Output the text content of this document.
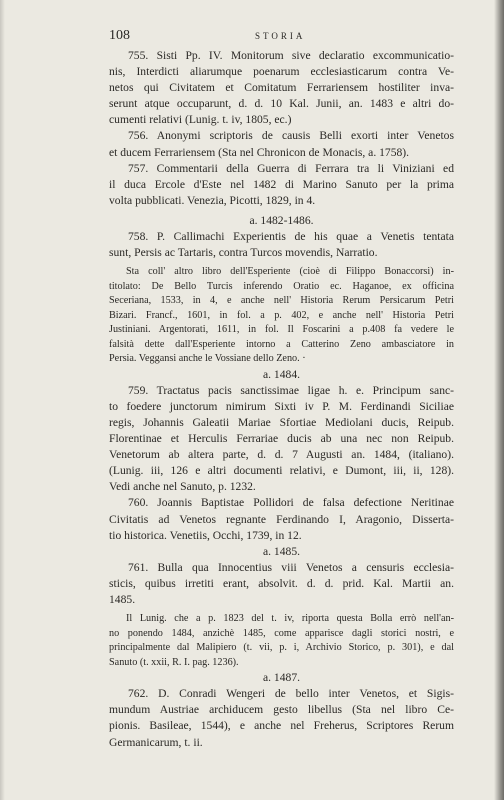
108	STORIA
755. Sisti Pp. IV. Monitorum sive declaratio excommunicatio-
nis, Interdicti aliarumque poenarum ecclesiasticarum contra Ve-
netos qui Civitatem et Comitatum Ferrariensem hostiliter inva-
serunt atque occuparunt, d. d. 10 Kal. Junii, an. 1483 e altri do-
cumenti relativi (Lunig. t. iv, 1805, ec.)
756. Anonymi scriptoris de causis Belli exorti inter Venetos
et ducem Ferrariensem (Sta nel Chronicon de Monacis, a. 1758).
757. Commentarii della Guerra di Ferrara tra li Viniziani ed
il duca Ercole d'Este nel 1482 di Marino Sanuto per la prima
volta pubblicati. Venezia, Picotti, 1829, in 4.
a. 1482-1486.
758. P. Callimachi Experientis de his quae a Venetis tentata
sunt, Persis ac Tartaris, contra Turcos movendis, Narratio.
Sta coll' altro libro dell'Esperiente (cioè di Filippo Bonaccorsi) in-
titolato: De Bello Turcis inferendo Oratio ec. Haganoe, ex officina
Seceriana, 1533, in 4, e anche nell' Historia Rerum Persicarum Petri
Bizari. Francf., 1601, in fol. a p. 402, e anche nell' Historia Petri
Justiniani. Argentorati, 1611, in fol. Il Foscarini a p.408 fa vedere le
falsità dette dall'Esperiente intorno a Catterino Zeno ambasciatore in
Persia. Veggansi anche le Vossiane dello Zeno. ·
a. 1484.
759. Tractatus pacis sanctissimae ligae h. e. Principum sanc-
to foedere junctorum nimirum Sixti iv P. M. Ferdinandi Siciliae
regis, Johannis Galeatii Mariae Sfortiae Mediolani ducis, Reipub.
Florentinae et Herculis Ferrariae ducis ab una nec non Reipub.
Venetorum ab altera parte, d. d. 7 Augusti an. 1484, (italiano).
(Lunig. iii, 126 e altri documenti relativi, e Dumont, iii, ii, 128).
Vedi anche nel Sanuto, p. 1232.
760. Joannis Baptistae Pollidori de falsa defectione Neritinae
Civitatis ad Venetos regnante Ferdinando I, Aragonio, Disserta-
tio historica. Venetiis, Occhi, 1739, in 12.
a. 1485.
761. Bulla qua Innocentius viii Venetos a censuris ecclesia-
sticis, quibus irretiti erant, absolvit. d. d. prid. Kal. Martii an.
1485.
Il Lunig. che a p. 1823 del t. iv, riporta questa Bolla errò nell'an-
no ponendo 1484, anzichè 1485, come apparisce dagli storici nostri, e
principalmente dal Malipiero (t. vii, p. i, Archivio Storico, p. 301), e dal
Sanuto (t. xxii, R. I. pag. 1236).
a. 1487.
762. D. Conradi Wengeri de bello inter Venetos, et Sigis-
mundum Austriae archiducem gesto libellus (Sta nel libro Ce-
pionis. Basileae, 1544), e anche nel Freherus, Scriptores Rerum
Germanicarum, t. ii.
